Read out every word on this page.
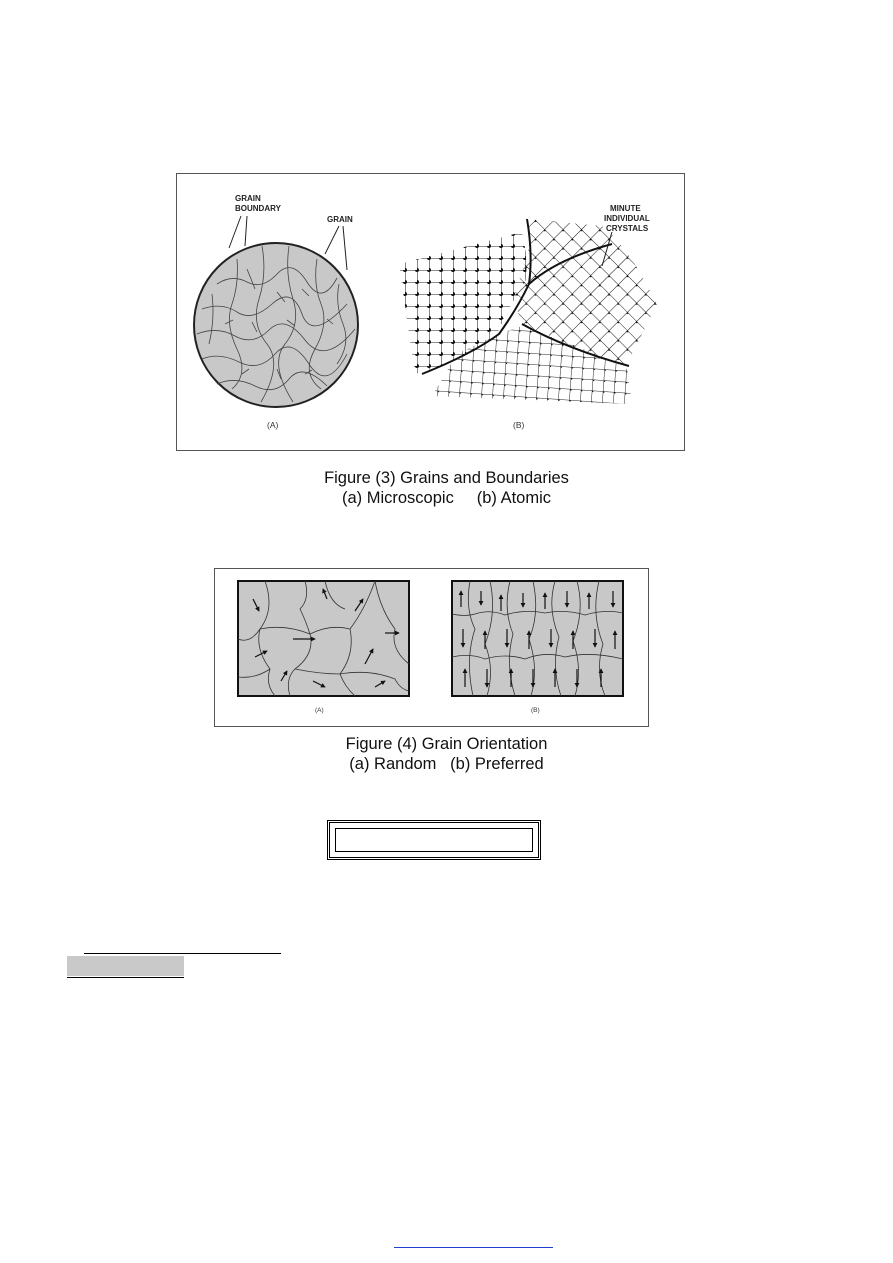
GRAIN
BOUNDARY
GRAIN
(A)
MINUTE
INDIVIDUAL
CRYSTALS
(B)
Figure (3) Grains and Boundaries
(a) Microscopic     (b) Atomic
(A)	(B)
Figure (4) Grain Orientation
(a) Random   (b) Preferred
